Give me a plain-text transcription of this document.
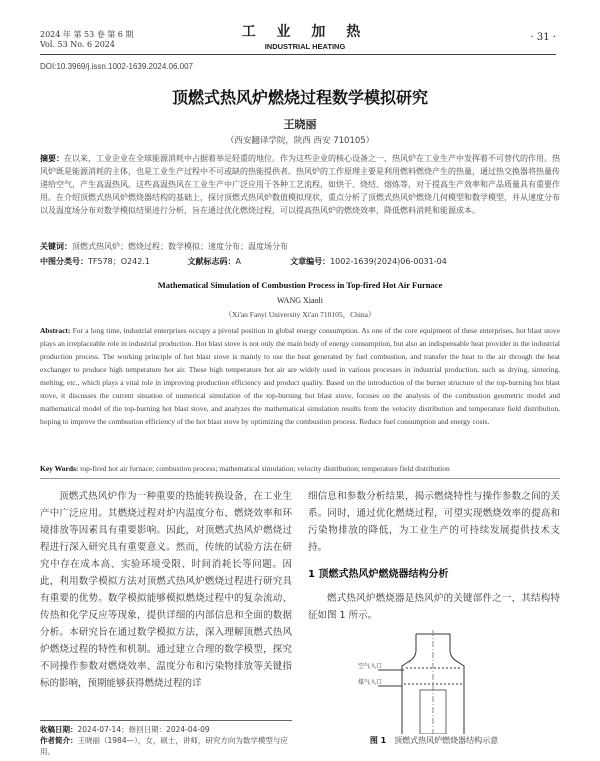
2024 年 第 53 卷 第 6 期
Vol. 53 No. 6 2024
工 业 加 热
INDUSTRIAL HEATING
· 31 ·
DOI:10.3969/j.issn.1002-1639.2024.06.007
顶燃式热风炉燃烧过程数学模拟研究
王晓丽
（西安翻译学院，陕西 西安 710105）
摘要：在以来，工业企业在全球能源消耗中占据着举足轻重的地位。作为这些企业的核心设备之一，热风炉在工业生产中发挥着不可替代的作用。热风炉既是能源消耗的主体，也是工业生产过程中不可或缺的热能提供者。热风炉的工作原理主要是利用燃料燃烧产生的热量，通过热交换器将热量传递给空气，产生高温热风。这些高温热风在工业生产中广泛应用于各种工艺流程，如烘干、烧结、熔炼等，对于提高生产效率和产品质量具有重要作用。在介绍顶燃式热风炉燃烧器结构的基础上，探讨顶燃式热风炉数值模拟现状，重点分析了顶燃式热风炉燃烧几何模型和数学模型，并从速度分布以及温度场分布对数学模拟结果进行分析，旨在通过优化燃烧过程，可以提高热风炉的燃烧效率，降低燃料消耗和能源成本。
关键词：顶燃式热风炉；燃烧过程；数学模拟；速度分布；温度场分布
中图分类号：TF578；O242.1	文献标志码：A	文章编号：1002-1639(2024)06-0031-04
Mathematical Simulation of Combustion Process in Top-fired Hot Air Furnace
WANG Xiaoli
（Xi'an Fanyi University Xi'an 710105，China）
Abstract: For a long time, industrial enterprises occupy a pivotal position in global energy consumption. As one of the core equipment of these enterprises, hot blast stove plays an irreplaceable role in industrial production. Hot blast stove is not only the main body of energy consumption, but also an indispensable heat provider in the industrial production process. The working principle of hot blast stove is mainly to use the heat generated by fuel combustion, and transfer the heat to the air through the heat exchanger to produce high temperature hot air. These high temperature hot air are widely used in various processes in industrial production, such as drying, sintering, melting, etc., which plays a vital role in improving production efficiency and product quality. Based on the introduction of the burner structure of the top-burning hot blast stove, it discusses the current situation of numerical simulation of the top-burning hot blast stove, focuses on the analysis of the combustion geometric model and mathematical model of the top-burning hot blast stove, and analyzes the mathematical simulation results from the velocity distribution and temperature field distribution, hoping to improve the combustion efficiency of the hot blast stove by optimizing the combustion process. Reduce fuel consumption and energy costs.
Key Words: top-fired hot air furnace; combustion process; mathematical simulation; velocity distribution; temperature field distribution

顶燃式热风炉作为一种重要的热能转换设备，在工业生产中广泛应用。其燃烧过程对炉内温度分布、燃烧效率和环境排放等因素具有重要影响。因此，对顶燃式热风炉燃烧过程进行深入研究具有重要意义。然而，传统的试验方法在研究中存在成本高、实验环境受限、时间消耗长等问题。因此，利用数学模拟方法对顶燃式热风炉燃烧过程进行研究具有重要的优势。数学模拟能够模拟燃烧过程中的复杂流动、传热和化学反应等现象，提供详细的内部信息和全面的数据分析。本研究旨在通过数学模拟方法，深入理解顶燃式热风炉燃烧过程的特性和机制。通过建立合理的数学模型，探究不同操作参数对燃烧效率、温度分布和污染物排放等关键指标的影响，预期能够获得燃烧过程的详

细信息和参数分析结果，揭示燃烧特性与操作参数之间的关系。同时，通过优化燃烧过程，可望实现燃烧效率的提高和污染物排放的降低，为工业生产的可持续发展提供技术支持。

1 顶燃式热风炉燃烧器结构分析

燃式热风炉燃烧器是热风炉的关键部件之一，其结构特征如图 1 所示。

收稿日期：2024-07-14；修回日期：2024-04-09
作者简介：王晓丽（1984—），女，硕士，讲师，研究方向为数学模型与应用。
空气入口
煤气入口
图 1 顶燃式热风炉燃烧器结构示意
